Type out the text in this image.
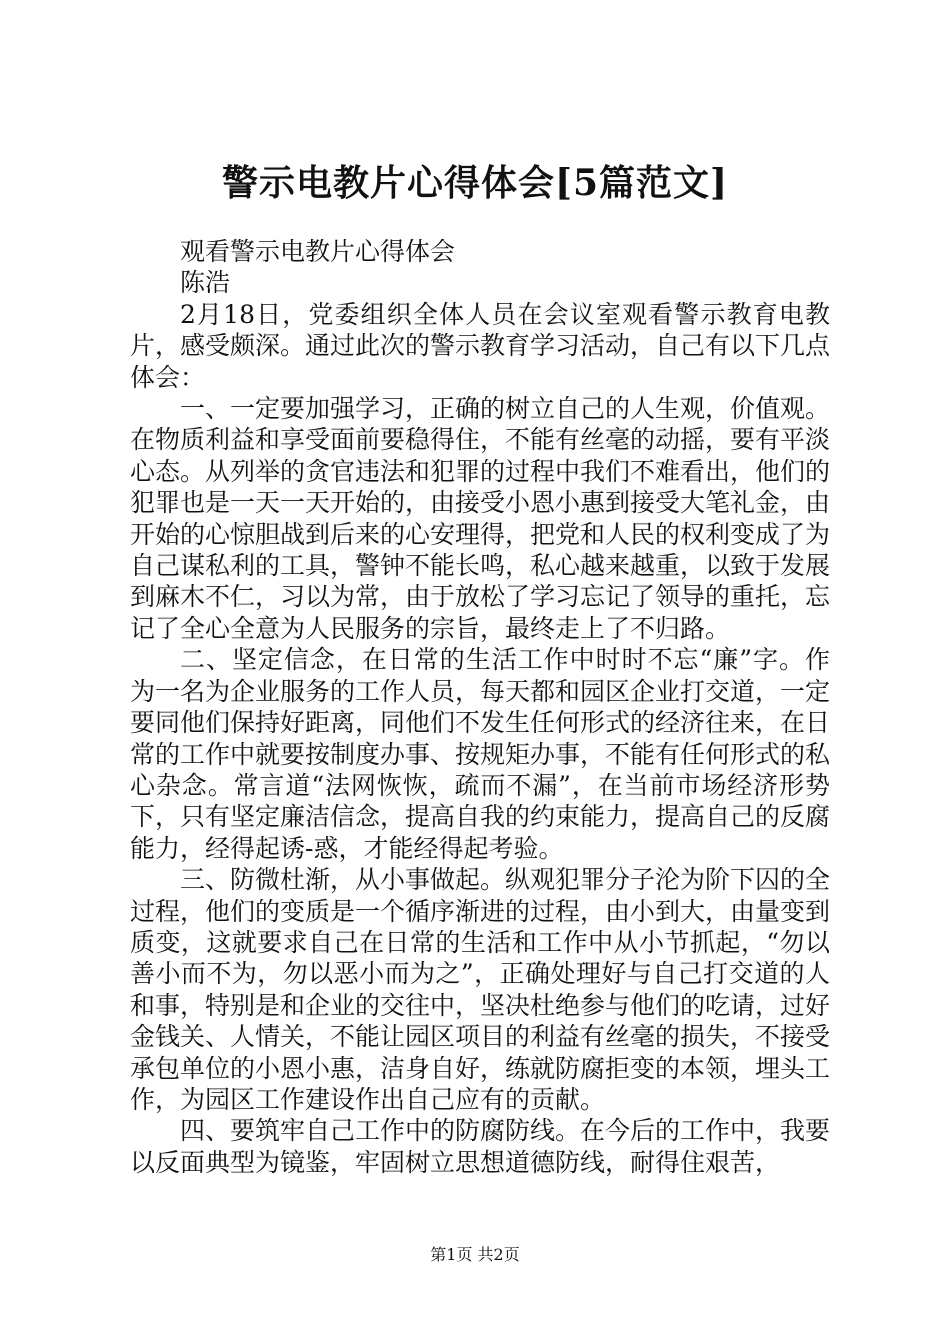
警示电教片心得体会[5篇范文]

观看警示电教片心得体会

陈浩

2月18日，党委组织全体人员在会议室观看警示教育电教片，感受颇深。通过此次的警示教育学习活动，自己有以下几点体会：

一、一定要加强学习，正确的树立自己的人生观，价值观。在物质利益和享受面前要稳得住，不能有丝毫的动摇，要有平淡心态。从列举的贪官违法和犯罪的过程中我们不难看出，他们的犯罪也是一天一天开始的，由接受小恩小惠到接受大笔礼金，由开始的心惊胆战到后来的心安理得，把党和人民的权利变成了为自己谋私利的工具，警钟不能长鸣，私心越来越重，以致于发展到麻木不仁，习以为常，由于放松了学习忘记了领导的重托，忘记了全心全意为人民服务的宗旨，最终走上了不归路。

二、坚定信念，在日常的生活工作中时时不忘“廉”字。作为一名为企业服务的工作人员，每天都和园区企业打交道，一定要同他们保持好距离，同他们不发生任何形式的经济往来，在日常的工作中就要按制度办事、按规矩办事，不能有任何形式的私心杂念。常言道“法网恢恢，疏而不漏”，在当前市场经济形势下，只有坚定廉洁信念，提高自我的约束能力，提高自己的反腐能力，经得起诱-惑，才能经得起考验。

三、防微杜渐，从小事做起。纵观犯罪分子沦为阶下囚的全过程，他们的变质是一个循序渐进的过程，由小到大，由量变到质变，这就要求自己在日常的生活和工作中从小节抓起，“勿以善小而不为，勿以恶小而为之”，正确处理好与自己打交道的人和事，特别是和企业的交往中，坚决杜绝参与他们的吃请，过好金钱关、人情关，不能让园区项目的利益有丝毫的损失，不接受承包单位的小恩小惠，洁身自好，练就防腐拒变的本领，埋头工作，为园区工作建设作出自己应有的贡献。

四、要筑牢自己工作中的防腐防线。在今后的工作中，我要以反面典型为镜鉴，牢固树立思想道德防线，耐得住艰苦，

第1页 共2页
